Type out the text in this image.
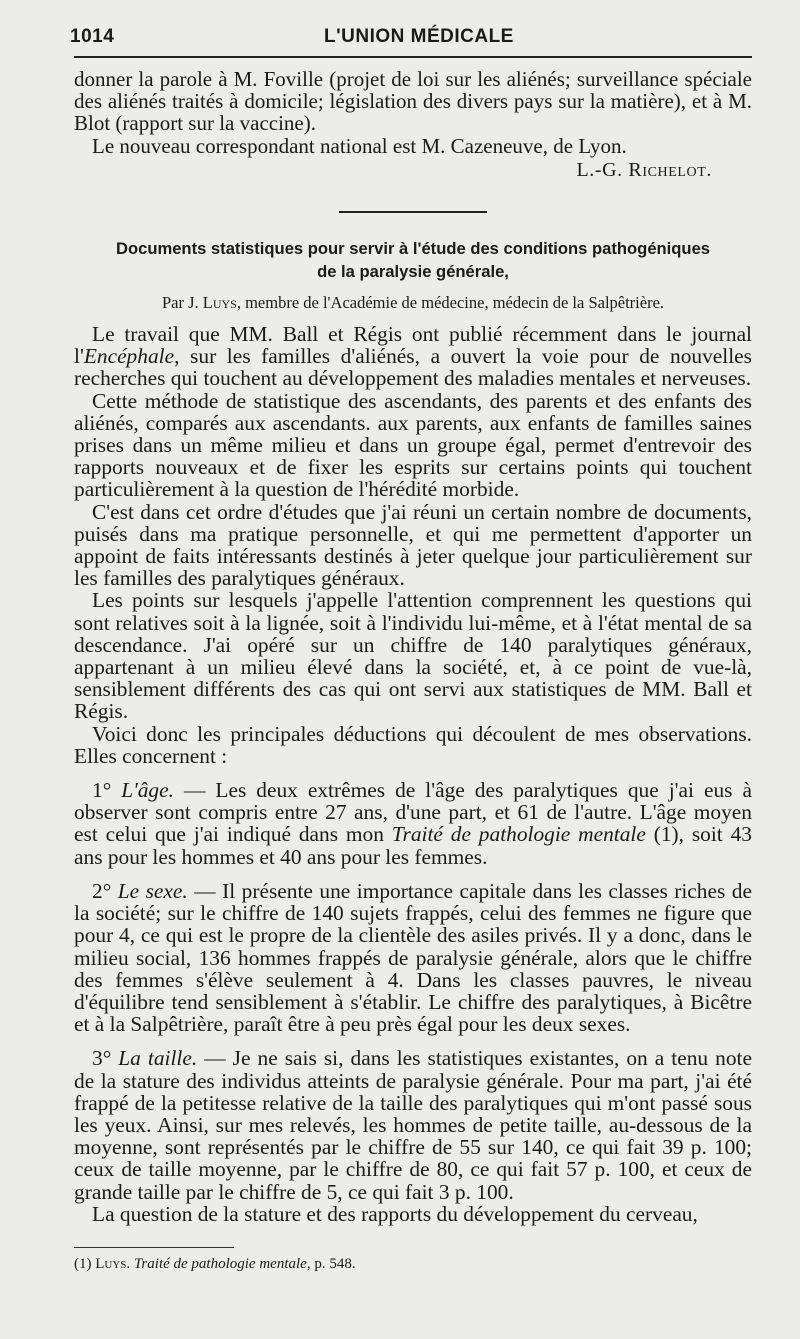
1014	L'UNION MÉDICALE

donner la parole à M. Foville (projet de loi sur les aliénés; surveillance spéciale des aliénés traités à domicile; législation des divers pays sur la matière), et à M. Blot (rapport sur la vaccine).

Le nouveau correspondant national est M. Cazeneuve, de Lyon.

L.-G. Richelot.

Documents statistiques pour servir à l'étude des conditions pathogéniques
de la paralysie générale,
Par J. Luys, membre de l'Académie de médecine, médecin de la Salpêtrière.

Le travail que MM. Ball et Régis ont publié récemment dans le journal l'Encéphale, sur les familles d'aliénés, a ouvert la voie pour de nouvelles recherches qui touchent au développement des maladies mentales et nerveuses.

Cette méthode de statistique des ascendants, des parents et des enfants des aliénés, comparés aux ascendants. aux parents, aux enfants de familles saines prises dans un même milieu et dans un groupe égal, permet d'entrevoir des rapports nouveaux et de fixer les esprits sur certains points qui touchent particulièrement à la question de l'hérédité morbide.

C'est dans cet ordre d'études que j'ai réuni un certain nombre de documents, puisés dans ma pratique personnelle, et qui me permettent d'apporter un appoint de faits intéressants destinés à jeter quelque jour particulièrement sur les familles des paralytiques généraux.

Les points sur lesquels j'appelle l'attention comprennent les questions qui sont relatives soit à la lignée, soit à l'individu lui-même, et à l'état mental de sa descendance. J'ai opéré sur un chiffre de 140 paralytiques généraux, appartenant à un milieu élevé dans la société, et, à ce point de vue-là, sensiblement différents des cas qui ont servi aux statistiques de MM. Ball et Régis.

Voici donc les principales déductions qui découlent de mes observations. Elles concernent :

1° L'âge. — Les deux extrêmes de l'âge des paralytiques que j'ai eus à observer sont compris entre 27 ans, d'une part, et 61 de l'autre. L'âge moyen est celui que j'ai indiqué dans mon Traité de pathologie mentale (1), soit 43 ans pour les hommes et 40 ans pour les femmes.

2° Le sexe. — Il présente une importance capitale dans les classes riches de la société; sur le chiffre de 140 sujets frappés, celui des femmes ne figure que pour 4, ce qui est le propre de la clientèle des asiles privés. Il y a donc, dans le milieu social, 136 hommes frappés de paralysie générale, alors que le chiffre des femmes s'élève seulement à 4. Dans les classes pauvres, le niveau d'équilibre tend sensiblement à s'établir. Le chiffre des paralytiques, à Bicêtre et à la Salpêtrière, paraît être à peu près égal pour les deux sexes.

3° La taille. — Je ne sais si, dans les statistiques existantes, on a tenu note de la stature des individus atteints de paralysie générale. Pour ma part, j'ai été frappé de la petitesse relative de la taille des paralytiques qui m'ont passé sous les yeux. Ainsi, sur mes relevés, les hommes de petite taille, au-dessous de la moyenne, sont représentés par le chiffre de 55 sur 140, ce qui fait 39 p. 100; ceux de taille moyenne, par le chiffre de 80, ce qui fait 57 p. 100, et ceux de grande taille par le chiffre de 5, ce qui fait 3 p. 100.

La question de la stature et des rapports du développement du cerveau,

(1) Luys. Traité de pathologie mentale, p. 548.
